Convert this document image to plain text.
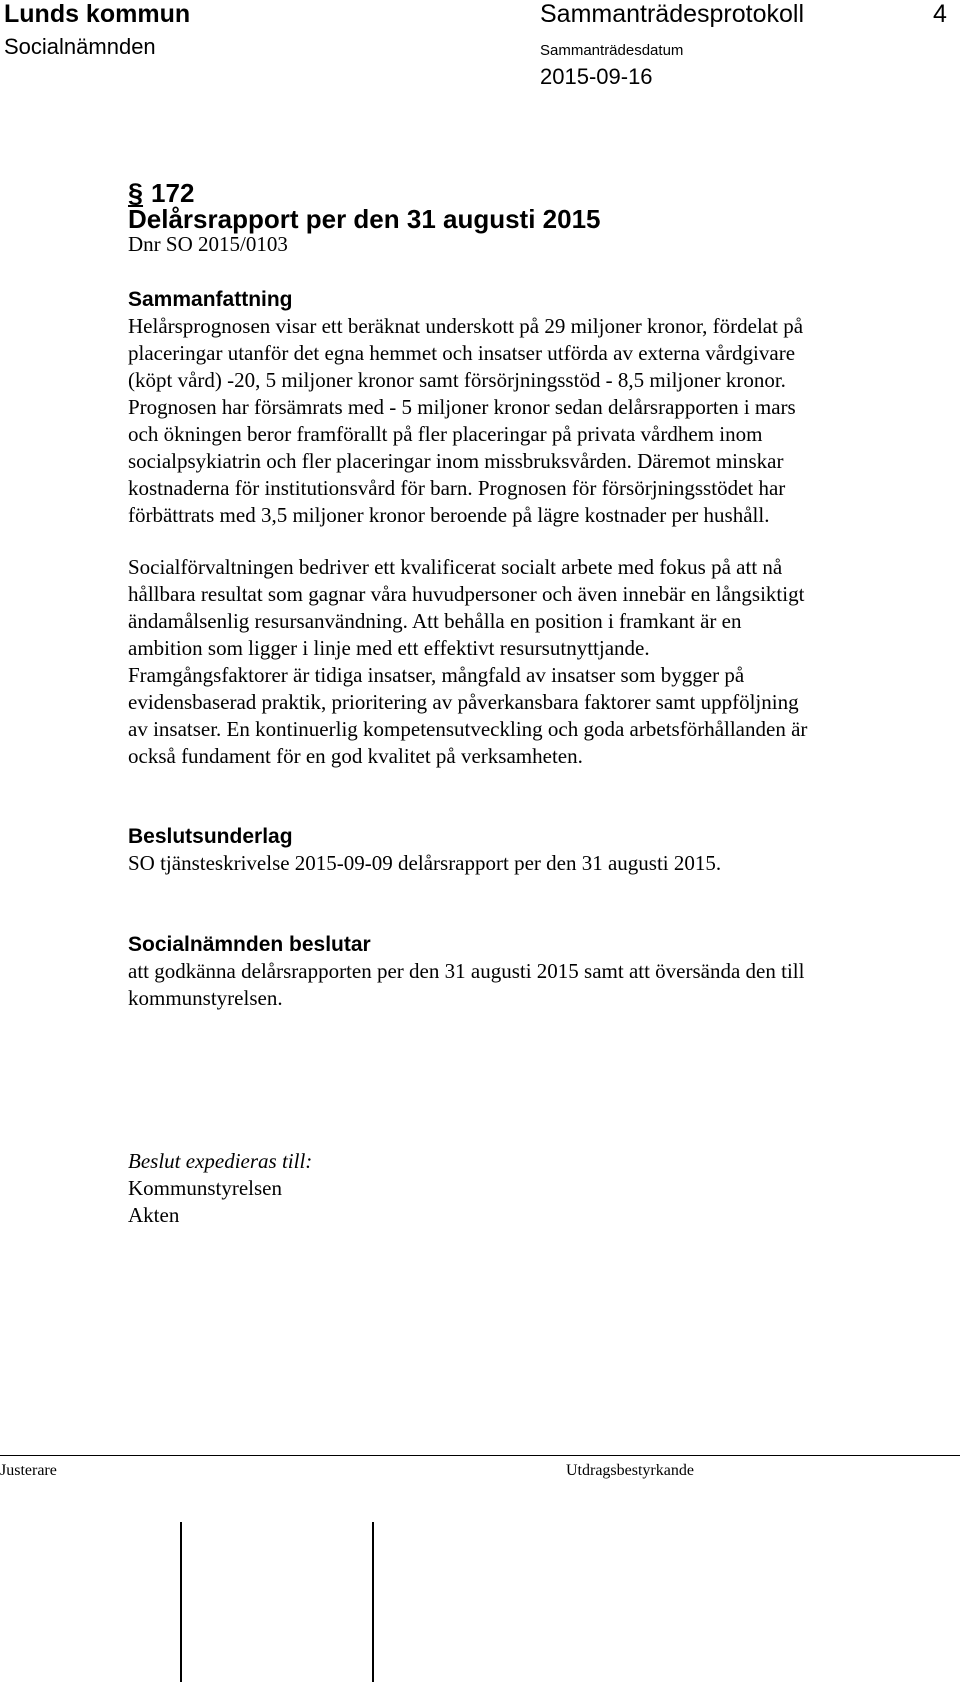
Lunds kommun
Socialnämnden
Sammanträdesprotokoll
Sammanträdesdatum
2015-09-16
4
§ 172
Delårsrapport per den 31 augusti 2015
Dnr SO 2015/0103
Sammanfattning

Helårsprognosen visar ett beräknat underskott på 29 miljoner kronor, fördelat på
placeringar utanför det egna hemmet och insatser utförda av externa vårdgivare
(köpt vård) -20, 5 miljoner kronor samt försörjningsstöd - 8,5 miljoner kronor.
Prognosen har försämrats med - 5 miljoner kronor sedan delårsrapporten i mars
och ökningen beror framförallt på fler placeringar på privata vårdhem inom
socialpsykiatrin och fler placeringar inom missbruksvården. Däremot minskar
kostnaderna för institutionsvård för barn. Prognosen för försörjningsstödet har
förbättrats med 3,5 miljoner kronor beroende på lägre kostnader per hushåll.

Socialförvaltningen bedriver ett kvalificerat socialt arbete med fokus på att nå
hållbara resultat som gagnar våra huvudpersoner och även innebär en långsiktigt
ändamålsenlig resursanvändning. Att behålla en position i framkant är en
ambition som ligger i linje med ett effektivt resursutnyttjande.
Framgångsfaktorer är tidiga insatser, mångfald av insatser som bygger på
evidensbaserad praktik, prioritering av påverkansbara faktorer samt uppföljning
av insatser. En kontinuerlig kompetensutveckling och goda arbetsförhållanden är
också fundament för en god kvalitet på verksamheten.
Beslutsunderlag
SO tjänsteskrivelse 2015-09-09 delårsrapport per den 31 augusti 2015.
Socialnämnden beslutar
att godkänna delårsrapporten per den 31 augusti 2015 samt att översända den till
kommunstyrelsen.
Beslut expedieras till:
Kommunstyrelsen
Akten
Justerare	Utdragsbestyrkande
